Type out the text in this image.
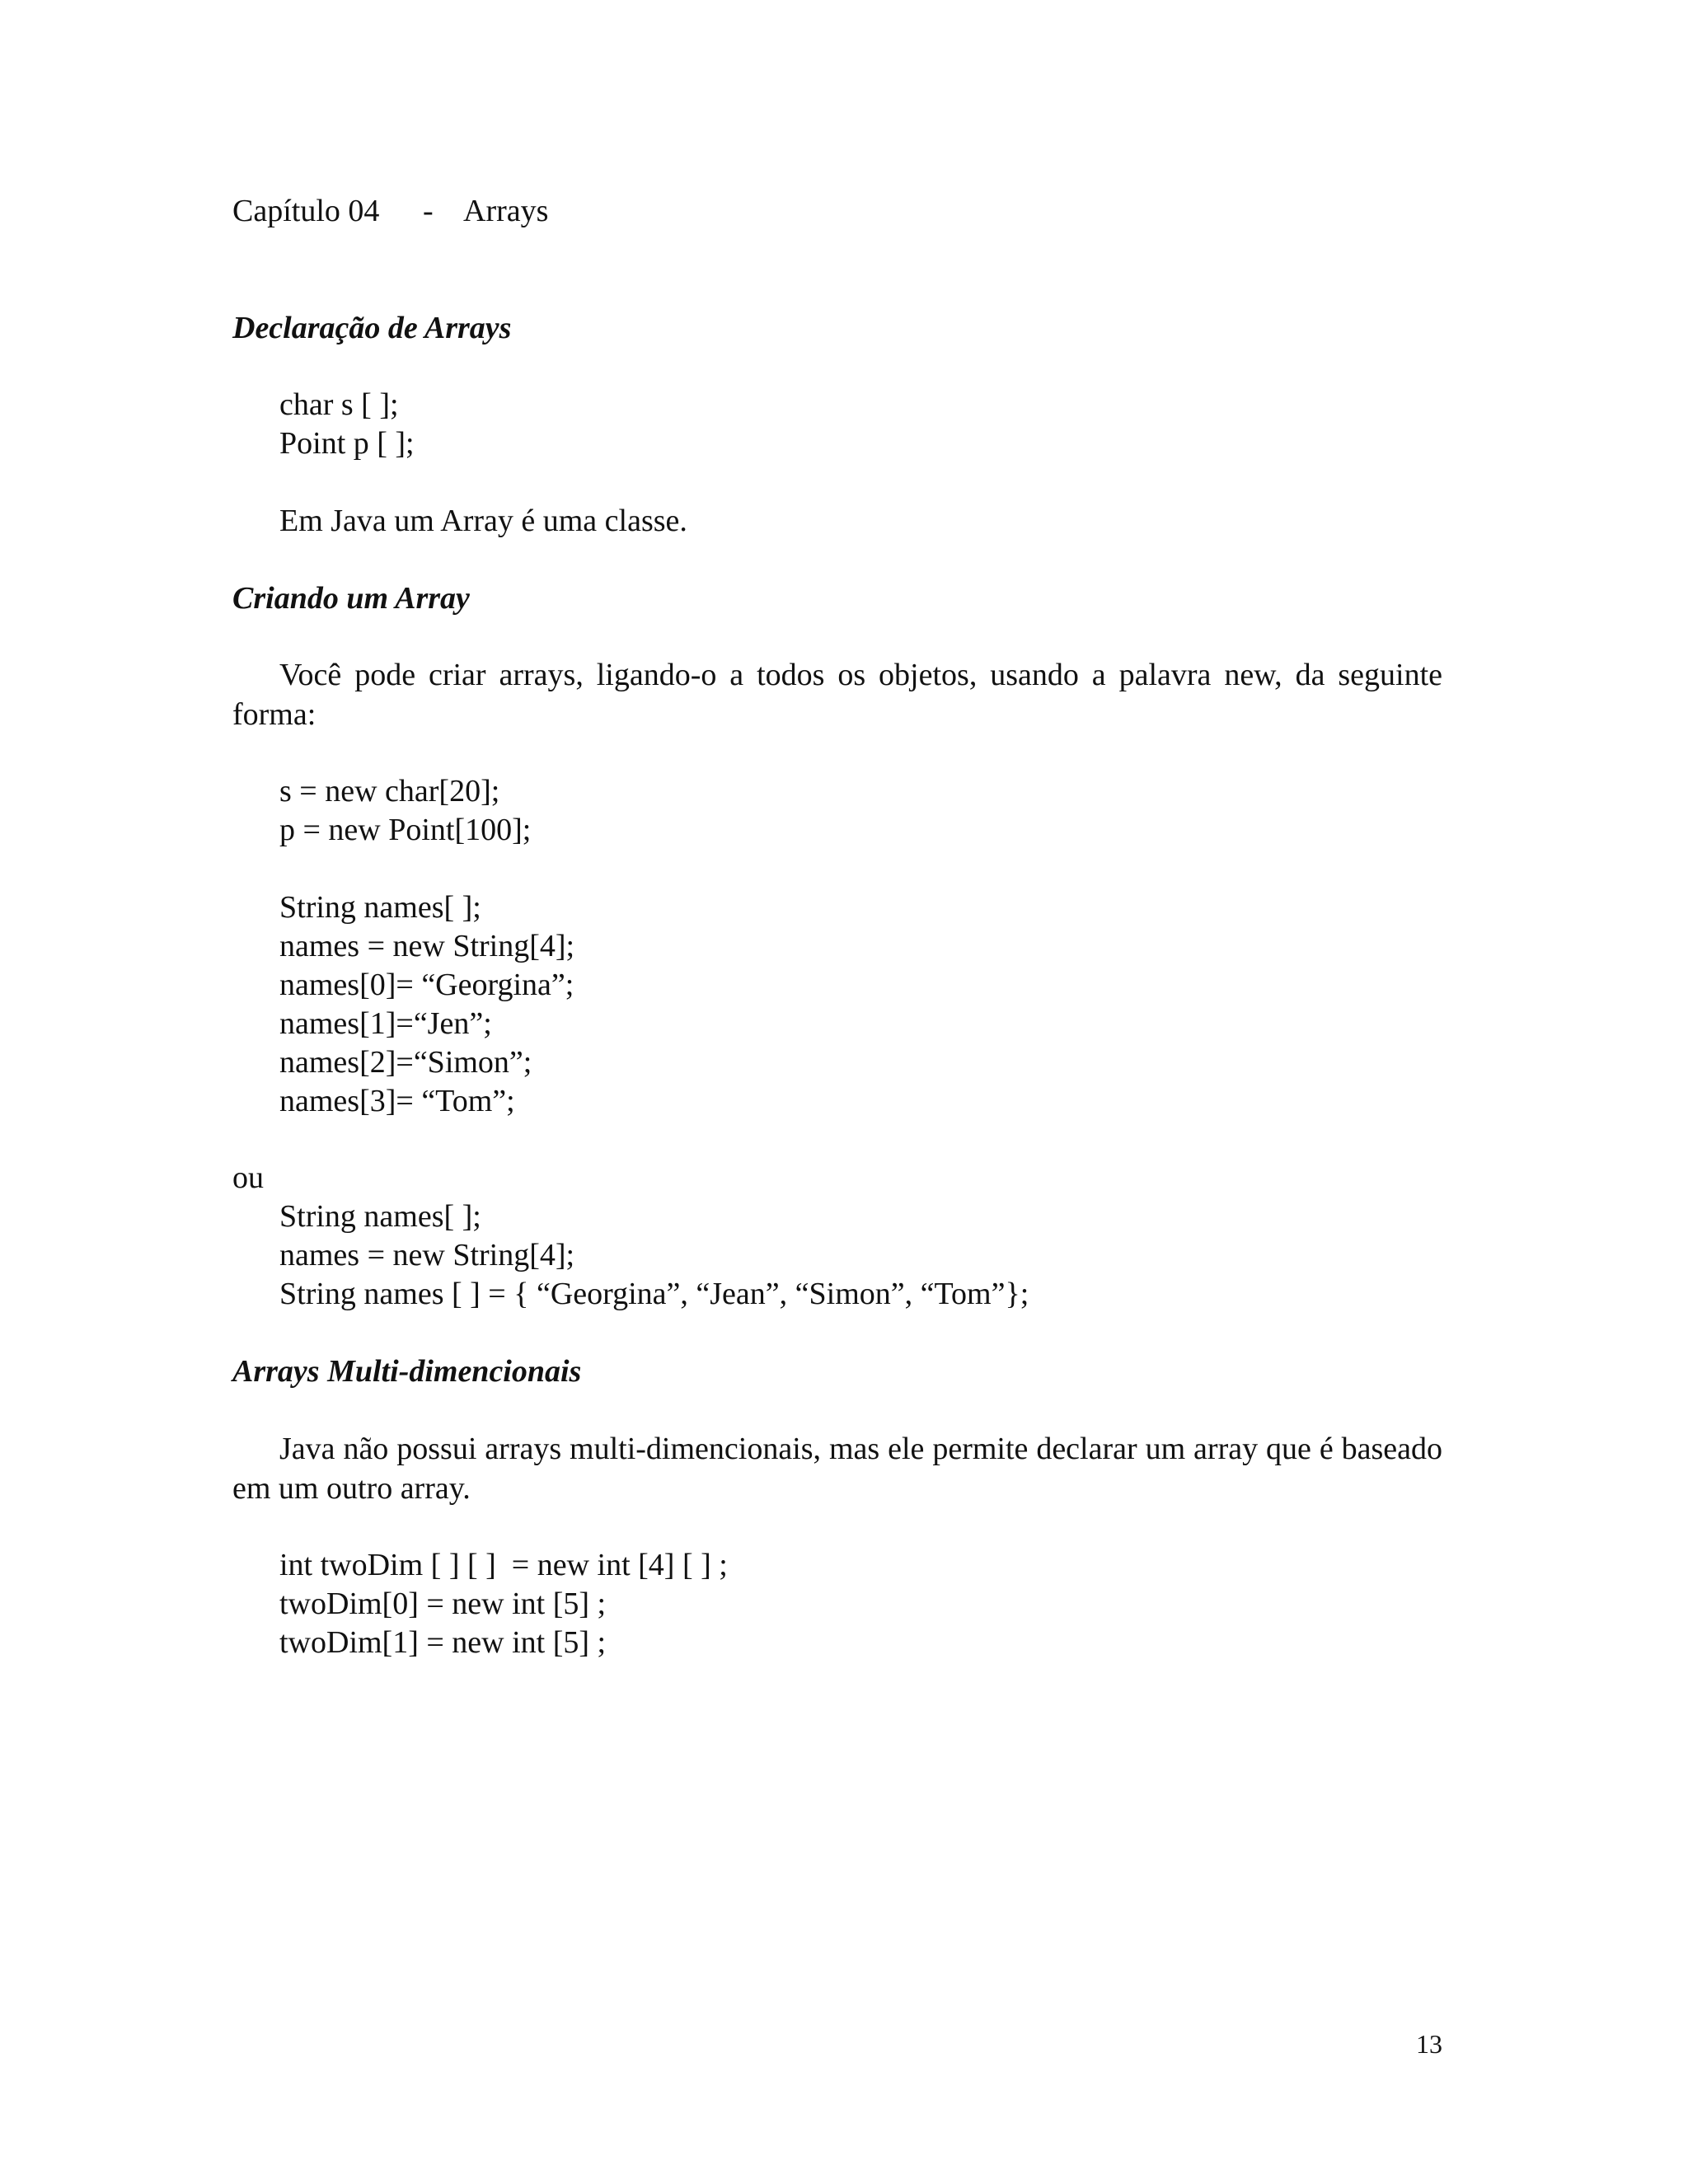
Capítulo 04 - Arrays
Declaração de Arrays
char s [ ];
Point p [ ];
Em Java um Array é uma classe.
Criando um Array
Você pode criar arrays, ligando-o a todos os objetos, usando a palavra new, da seguinte forma:
s = new char[20];
p = new Point[100];
String names[ ];
names = new String[4];
names[0]= “Georgina”;
names[1]=“Jen”;
names[2]=“Simon”;
names[3]= “Tom”;
ou
String names[ ];
names = new String[4];
String names [ ] = { “Georgina”, “Jean”, “Simon”, “Tom”};
Arrays Multi-dimencionais
Java não possui arrays multi-dimencionais, mas ele permite declarar um array que é baseado em um outro array.
int twoDim [ ] [ ]  = new int [4] [ ] ;
twoDim[0] = new int [5] ;
twoDim[1] = new int [5] ;
13
